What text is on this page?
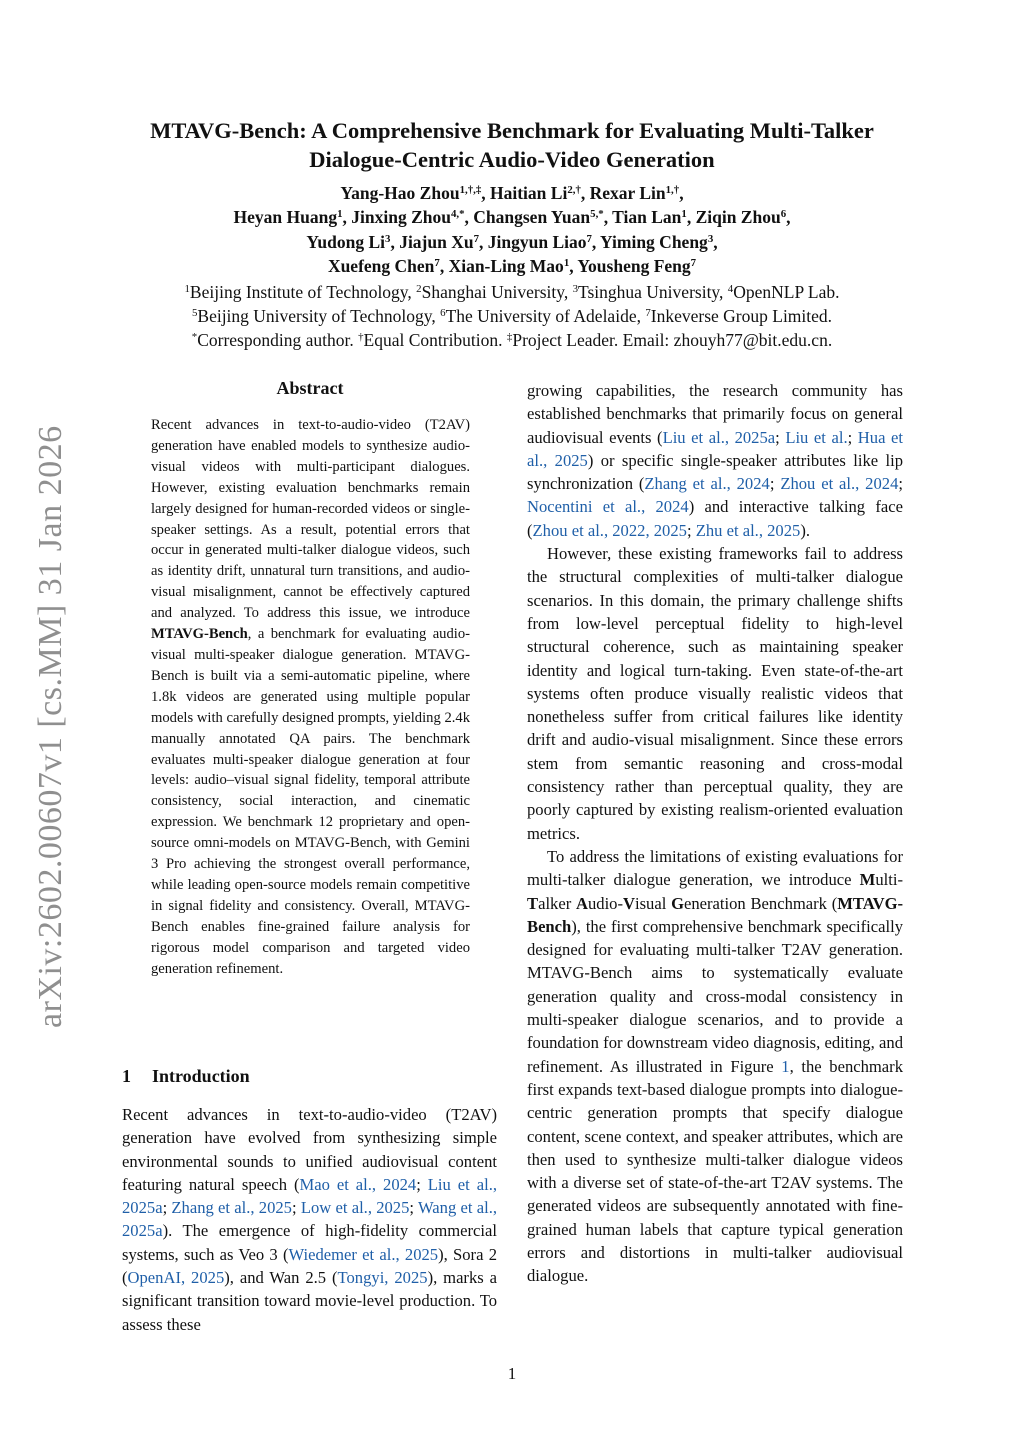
arXiv:2602.00607v1 [cs.MM] 31 Jan 2026
MTAVG-Bench: A Comprehensive Benchmark for Evaluating Multi-Talker
Dialogue-Centric Audio-Video Generation
Yang-Hao Zhou$^{1,\dagger,\ddagger}$, Haitian $Li^{2,\dagger}$, Rexar Lin$^{1,\dagger}$,
Heyan Huang$^1$, Jinxing Zhou$^{4,*}$, Changsen Yuan$^{5,*}$, Tian Lan$^1$, Ziqin Zhou$^6$,
Yudong Li$^3$, Jiajun Xu$^7$, Jingyun Liao$^7$, Yiming Cheng$^3$,
Xuefeng Chen$^7$, Xian-Ling Mao$^1$, Yousheng Feng$^7$
$^1$Beijing Institute of Technology, $^2$Shanghai University, $^3$Tsinghua University, $^4$OpenNLP Lab.
$^5$Beijing University of Technology, $^6$The University of Adelaide, $^7$Inkeverse Group Limited.
*Corresponding author. †Equal Contribution. ‡Project Leader. Email: zhouyh77@bit.edu.cn.
Abstract

Recent advances in text-to-audio-video (T2AV) generation have enabled models to synthesize audio-visual videos with multi-participant dialogues. However, existing evaluation benchmarks remain largely designed for human-recorded videos or single-speaker settings. As a result, potential errors that occur in generated multi-talker dialogue videos, such as identity drift, unnatural turn transitions, and audio-visual misalignment, cannot be effectively captured and analyzed. To address this issue, we introduce MTAVG-Bench, a benchmark for evaluating audio-visual multi-speaker dialogue generation. MTAVG-Bench is built via a semi-automatic pipeline, where 1.8k videos are generated using multiple popular models with carefully designed prompts, yielding 2.4k manually annotated QA pairs. The benchmark evaluates multi-speaker dialogue generation at four levels: audio–visual signal fidelity, temporal attribute consistency, social interaction, and cinematic expression. We benchmark 12 proprietary and open-source omni-models on MTAVG-Bench, with Gemini 3 Pro achieving the strongest overall performance, while leading open-source models remain competitive in signal fidelity and consistency. Overall, MTAVG-Bench enables fine-grained failure analysis for rigorous model comparison and targeted video generation refinement.

1 Introduction

Recent advances in text-to-audio-video (T2AV) generation have evolved from synthesizing simple environmental sounds to unified audiovisual content featuring natural speech (Mao et al., 2024; Liu et al., 2025a; Zhang et al., 2025; Low et al., 2025; Wang et al., 2025a). The emergence of high-fidelity commercial systems, such as Veo 3 (Wiedemer et al., 2025), Sora 2 (OpenAI, 2025), and Wan 2.5 (Tongyi, 2025), marks a significant transition toward movie-level production. To assess these

growing capabilities, the research community has established benchmarks that primarily focus on general audiovisual events (Liu et al., 2025a; Liu et al.; Hua et al., 2025) or specific single-speaker attributes like lip synchronization (Zhang et al., 2024; Zhou et al., 2024; Nocentini et al., 2024) and interactive talking face (Zhou et al., 2022, 2025; Zhu et al., 2025).

However, these existing frameworks fail to address the structural complexities of multi-talker dialogue scenarios. In this domain, the primary challenge shifts from low-level perceptual fidelity to high-level structural coherence, such as maintaining speaker identity and logical turn-taking. Even state-of-the-art systems often produce visually realistic videos that nonetheless suffer from critical failures like identity drift and audio-visual misalignment. Since these errors stem from semantic reasoning and cross-modal consistency rather than perceptual quality, they are poorly captured by existing realism-oriented evaluation metrics.

To address the limitations of existing evaluations for multi-talker dialogue generation, we introduce Multi-Talker Audio-Visual Generation Benchmark (MTAVG-Bench), the first comprehensive benchmark specifically designed for evaluating multi-talker T2AV generation. MTAVG-Bench aims to systematically evaluate generation quality and cross-modal consistency in multi-speaker dialogue scenarios, and to provide a foundation for downstream video diagnosis, editing, and refinement. As illustrated in Figure 1, the benchmark first expands text-based dialogue prompts into dialogue-centric generation prompts that specify dialogue content, scene context, and speaker attributes, which are then used to synthesize multi-talker dialogue videos with a diverse set of state-of-the-art T2AV systems. The generated videos are subsequently annotated with fine-grained human labels that capture typical generation errors and distortions in multi-talker audiovisual dialogue.

1
